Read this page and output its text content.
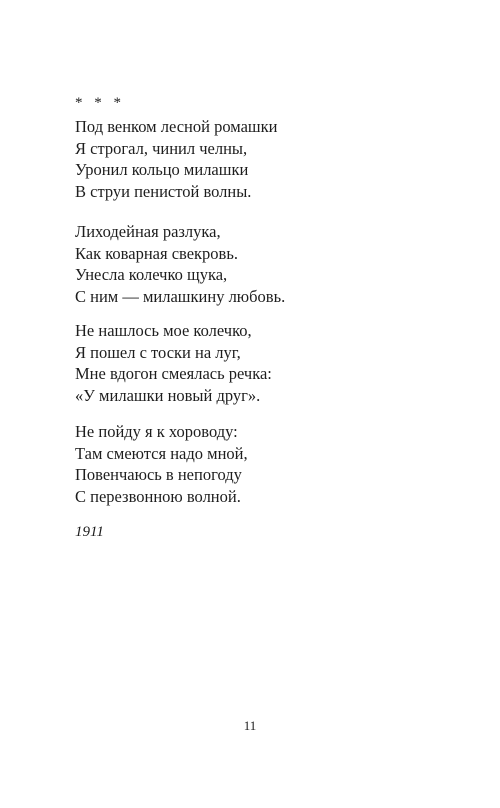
* * *
Под венком лесной ромашки
Я строгал, чинил челны,
Уронил кольцо милашки
В струи пенистой волны.
Лиходейная разлука,
Как коварная свекровь.
Унесла колечко щука,
С ним — милашкину любовь.
Не нашлось мое колечко,
Я пошел с тоски на луг,
Мне вдогон смеялась речка:
«У милашки новый друг».
Не пойду я к хороводу:
Там смеются надо мной,
Повенчаюсь в непогоду
С перезвонною волной.
1911
11
